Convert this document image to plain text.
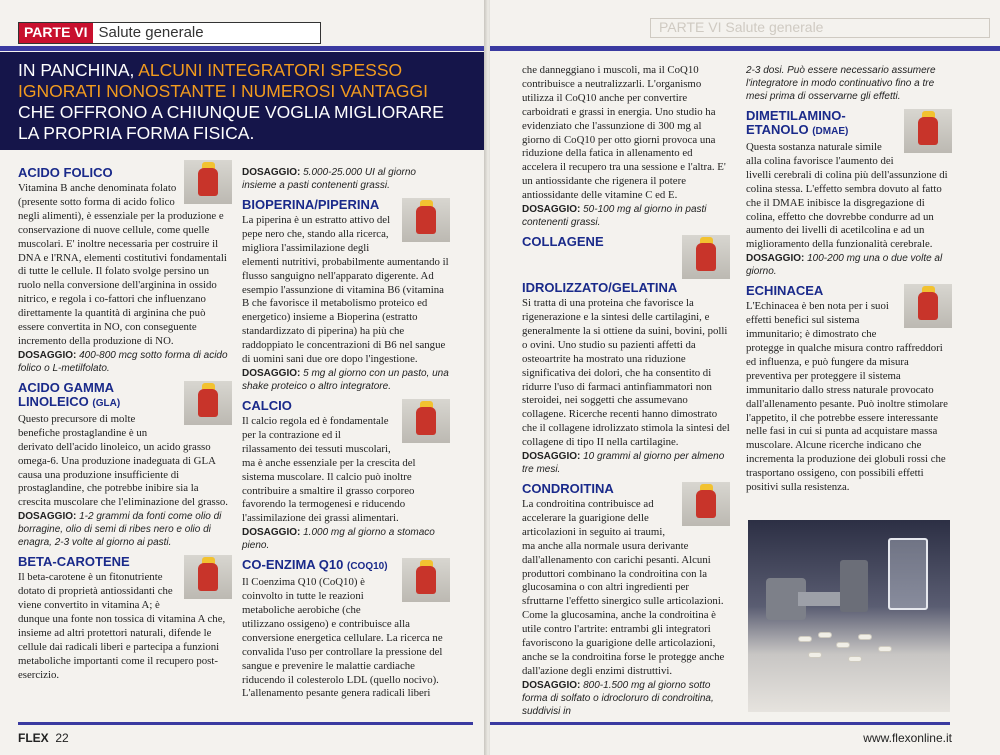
PARTE VI Salute generale
IN PANCHINA, ALCUNI INTEGRATORI SPESSO
IGNORATI NONOSTANTE I NUMEROSI VANTAGGI
CHE OFFRONO A CHIUNQUE VOGLIA MIGLIORARE
LA PROPRIA FORMA FISICA.
ACIDO FOLICO

Vitamina B anche denominata folato (presente sotto forma di acido folico negli alimenti), è essenziale per la produzione e conservazione di nuove cellule, come quelle muscolari. E' inoltre necessaria per costruire il DNA e l'RNA, elementi costitutivi fondamentali di tutte le cellule. Il folato svolge persino un ruolo nella conversione dell'arginina in ossido nitrico, e regola i co-fattori che influenzano direttamente la quantità di arginina che può essere convertita in NO, con conseguente incremento della produzione di NO.

DOSAGGIO: 400-800 mcg sotto forma di acido folico o L-metilfolato.

ACIDO GAMMA LINOLEICO (GLA)

Questo precursore di molte benefiche prostaglandine è un derivato dell'acido linoleico, un acido grasso omega-6. Una produzione inadeguata di GLA causa una produzione insufficiente di prostaglandine, che potrebbe inibire sia la crescita muscolare che l'eliminazione del grasso.

DOSAGGIO: 1-2 grammi da fonti come olio di borragine, olio di semi di ribes nero e olio di enagra, 2-3 volte al giorno ai pasti.

BETA-CAROTENE

Il beta-carotene è un fitonutriente dotato di proprietà antiossidanti che viene convertito in vitamina A; è dunque una fonte non tossica di vitamina A che, insieme ad altri protettori naturali, difende le cellule dai radicali liberi e partecipa a funzioni metaboliche importanti come il recupero post-esercizio.

DOSAGGIO: 5.000-25.000 UI al giorno insieme a pasti contenenti grassi.

BIOPERINA/PIPERINA

La piperina è un estratto attivo del pepe nero che, stando alla ricerca, migliora l'assimilazione degli elementi nutritivi, probabilmente aumentando il flusso sanguigno nell'apparato digerente. Ad esempio l'assunzione di vitamina B6 (vitamina B che favorisce il metabolismo proteico ed energetico) insieme a Bioperina (estratto standardizzato di piperina) ha più che raddoppiato le concentrazioni di B6 nel sangue di uomini sani due ore dopo l'ingestione.

DOSAGGIO: 5 mg al giorno con un pasto, una shake proteico o altro integratore.

CALCIO

Il calcio regola ed è fondamentale per la contrazione ed il rilassamento dei tessuti muscolari, ma è anche essenziale per la crescita del sistema muscolare. Il calcio può inoltre contribuire a smaltire il grasso corporeo favorendo la termogenesi e riducendo l'assimilazione dei grassi alimentari.

DOSAGGIO: 1.000 mg al giorno a stomaco pieno.

CO-ENZIMA Q10 (COQ10)

Il Coenzima Q10 (CoQ10) è coinvolto in tutte le reazioni metaboliche aerobiche (che utilizzano ossigeno) e contribuisce alla conversione energetica cellulare. La ricerca ne convalida l'uso per controllare la pressione del sangue e prevenire le malattie cardiache riducendo il colesterolo LDL (quello nocivo). L'allenamento pesante genera radicali liberi

FLEX 22
PARTE VI Salute generale

che danneggiano i muscoli, ma il CoQ10 contribuisce a neutralizzarli. L'organismo utilizza il CoQ10 anche per convertire carboidrati e grassi in energia. Uno studio ha evidenziato che l'assunzione di 300 mg al giorno di CoQ10 per otto giorni provoca una riduzione della fatica in allenamento ed accelera il recupero tra una sessione e l'altra. E' un antiossidante che rigenera il potere antiossidante delle vitamine C ed E.

DOSAGGIO: 50-100 mg al giorno in pasti contenenti grassi.

COLLAGENE IDROLIZZATO/GELATINA

Si tratta di una proteina che favorisce la rigenerazione e la sintesi delle cartilagini, e generalmente la si ottiene da suini, bovini, polli o ovini. Uno studio su pazienti affetti da osteoartrite ha mostrato una riduzione significativa dei dolori, che ha consentito di ridurre l'uso di farmaci antinfiammatori non steroidei, nei soggetti che assumevano collagene. Ricerche recenti hanno dimostrato che il collagene idrolizzato stimola la sintesi del collagene di tipo II nella cartilagine.

DOSAGGIO: 10 grammi al giorno per almeno tre mesi.

CONDROITINA

La condroitina contribuisce ad accelerare la guarigione delle articolazioni in seguito ai traumi, ma anche alla normale usura derivante dall'allenamento con carichi pesanti. Alcuni produttori combinano la condroitina con la glucosamina o con altri ingredienti per sfruttarne l'effetto sinergico sulle articolazioni. Come la glucosamina, anche la condroitina è utile contro l'artrite: entrambi gli integratori favoriscono la guarigione delle articolazioni, anche se la condroitina forse le protegge anche dall'azione degli enzimi distruttivi.

DOSAGGIO: 800-1.500 mg al giorno sotto forma di solfato o idrocloruro di condroitina, suddivisi in

2-3 dosi. Può essere necessario assumere l'integratore in modo continuativo fino a tre mesi prima di osservarne gli effetti.

DIMETILAMINO-ETANOLO (DMAE)

Questa sostanza naturale simile alla colina favorisce l'aumento dei livelli cerebrali di colina più dell'assunzione di colina stessa. L'effetto sembra dovuto al fatto che il DMAE inibisce la disgregazione di colina, effetto che dovrebbe condurre ad un aumento dei livelli di acetilcolina e ad un miglioramento della funzionalità cerebrale.

DOSAGGIO: 100-200 mg una o due volte al giorno.

ECHINACEA

L'Echinacea è ben nota per i suoi effetti benefici sul sistema immunitario; è dimostrato che protegge in qualche misura contro raffreddori ed influenza, e può fungere da misura preventiva per proteggere il sistema immunitario dallo stress naturale provocato dall'allenamento pesante. Può inoltre stimolare l'appetito, il che potrebbe essere interessante nelle fasi in cui si punta ad acquistare massa muscolare. Alcune ricerche indicano che incrementa la produzione dei globuli rossi che trasportano ossigeno, con possibili effetti positivi sulla resistenza.

www.flexonline.it
